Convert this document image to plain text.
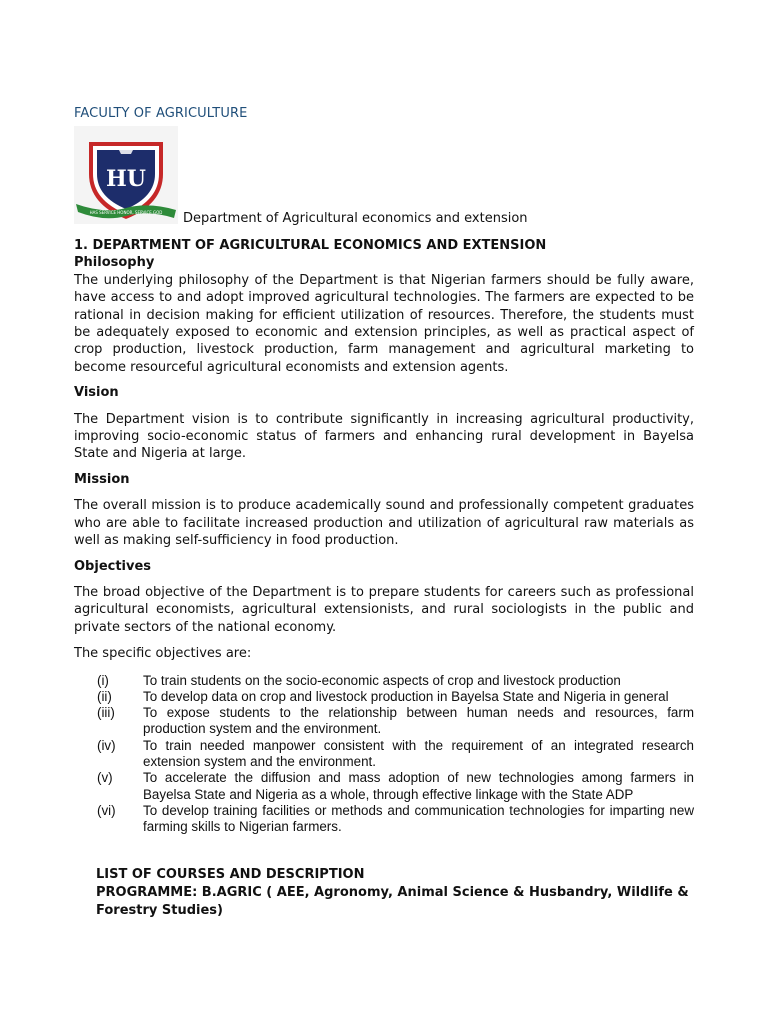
FACULTY OF AGRICULTURE
HU
HAS SERVICE HONOR, SERVICE GOD Department of Agricultural economics and extension
1. DEPARTMENT OF AGRICULTURAL ECONOMICS AND EXTENSION
Philosophy

The underlying philosophy of the Department is that Nigerian farmers should be fully aware, have access to and adopt improved agricultural technologies. The farmers are expected to be rational in decision making for efficient utilization of resources. Therefore, the students must be adequately exposed to economic and extension principles, as well as practical aspect of crop production, livestock production, farm management and agricultural marketing to become resourceful agricultural economists and extension agents.

Vision

The Department vision is to contribute significantly in increasing agricultural productivity, improving socio-economic status of farmers and enhancing rural development in Bayelsa State and Nigeria at large.

Mission

The overall mission is to produce academically sound and professionally competent graduates who are able to facilitate increased production and utilization of agricultural raw materials as well as making self-sufficiency in food production.

Objectives

The broad objective of the Department is to prepare students for careers such as professional agricultural economists, agricultural extensionists, and rural sociologists in the public and private sectors of the national economy.

The specific objectives are:

(i)	To train students on the socio-economic aspects of crop and livestock production
(ii)	To develop data on crop and livestock production in Bayelsa State and Nigeria in general
(iii)	To expose students to the relationship between human needs and resources, farm production system and the environment.
(iv)	To train needed manpower consistent with the requirement of an integrated research extension system and the environment.
(v)	To accelerate the diffusion and mass adoption of new technologies among farmers in Bayelsa State and Nigeria as a whole, through effective linkage with the State ADP
(vi)	To develop training facilities or methods and communication technologies for imparting new farming skills to Nigerian farmers.

LIST OF COURSES AND DESCRIPTION

PROGRAMME: B.AGRIC ( AEE, Agronomy, Animal Science & Husbandry, Wildlife & Forestry Studies)
